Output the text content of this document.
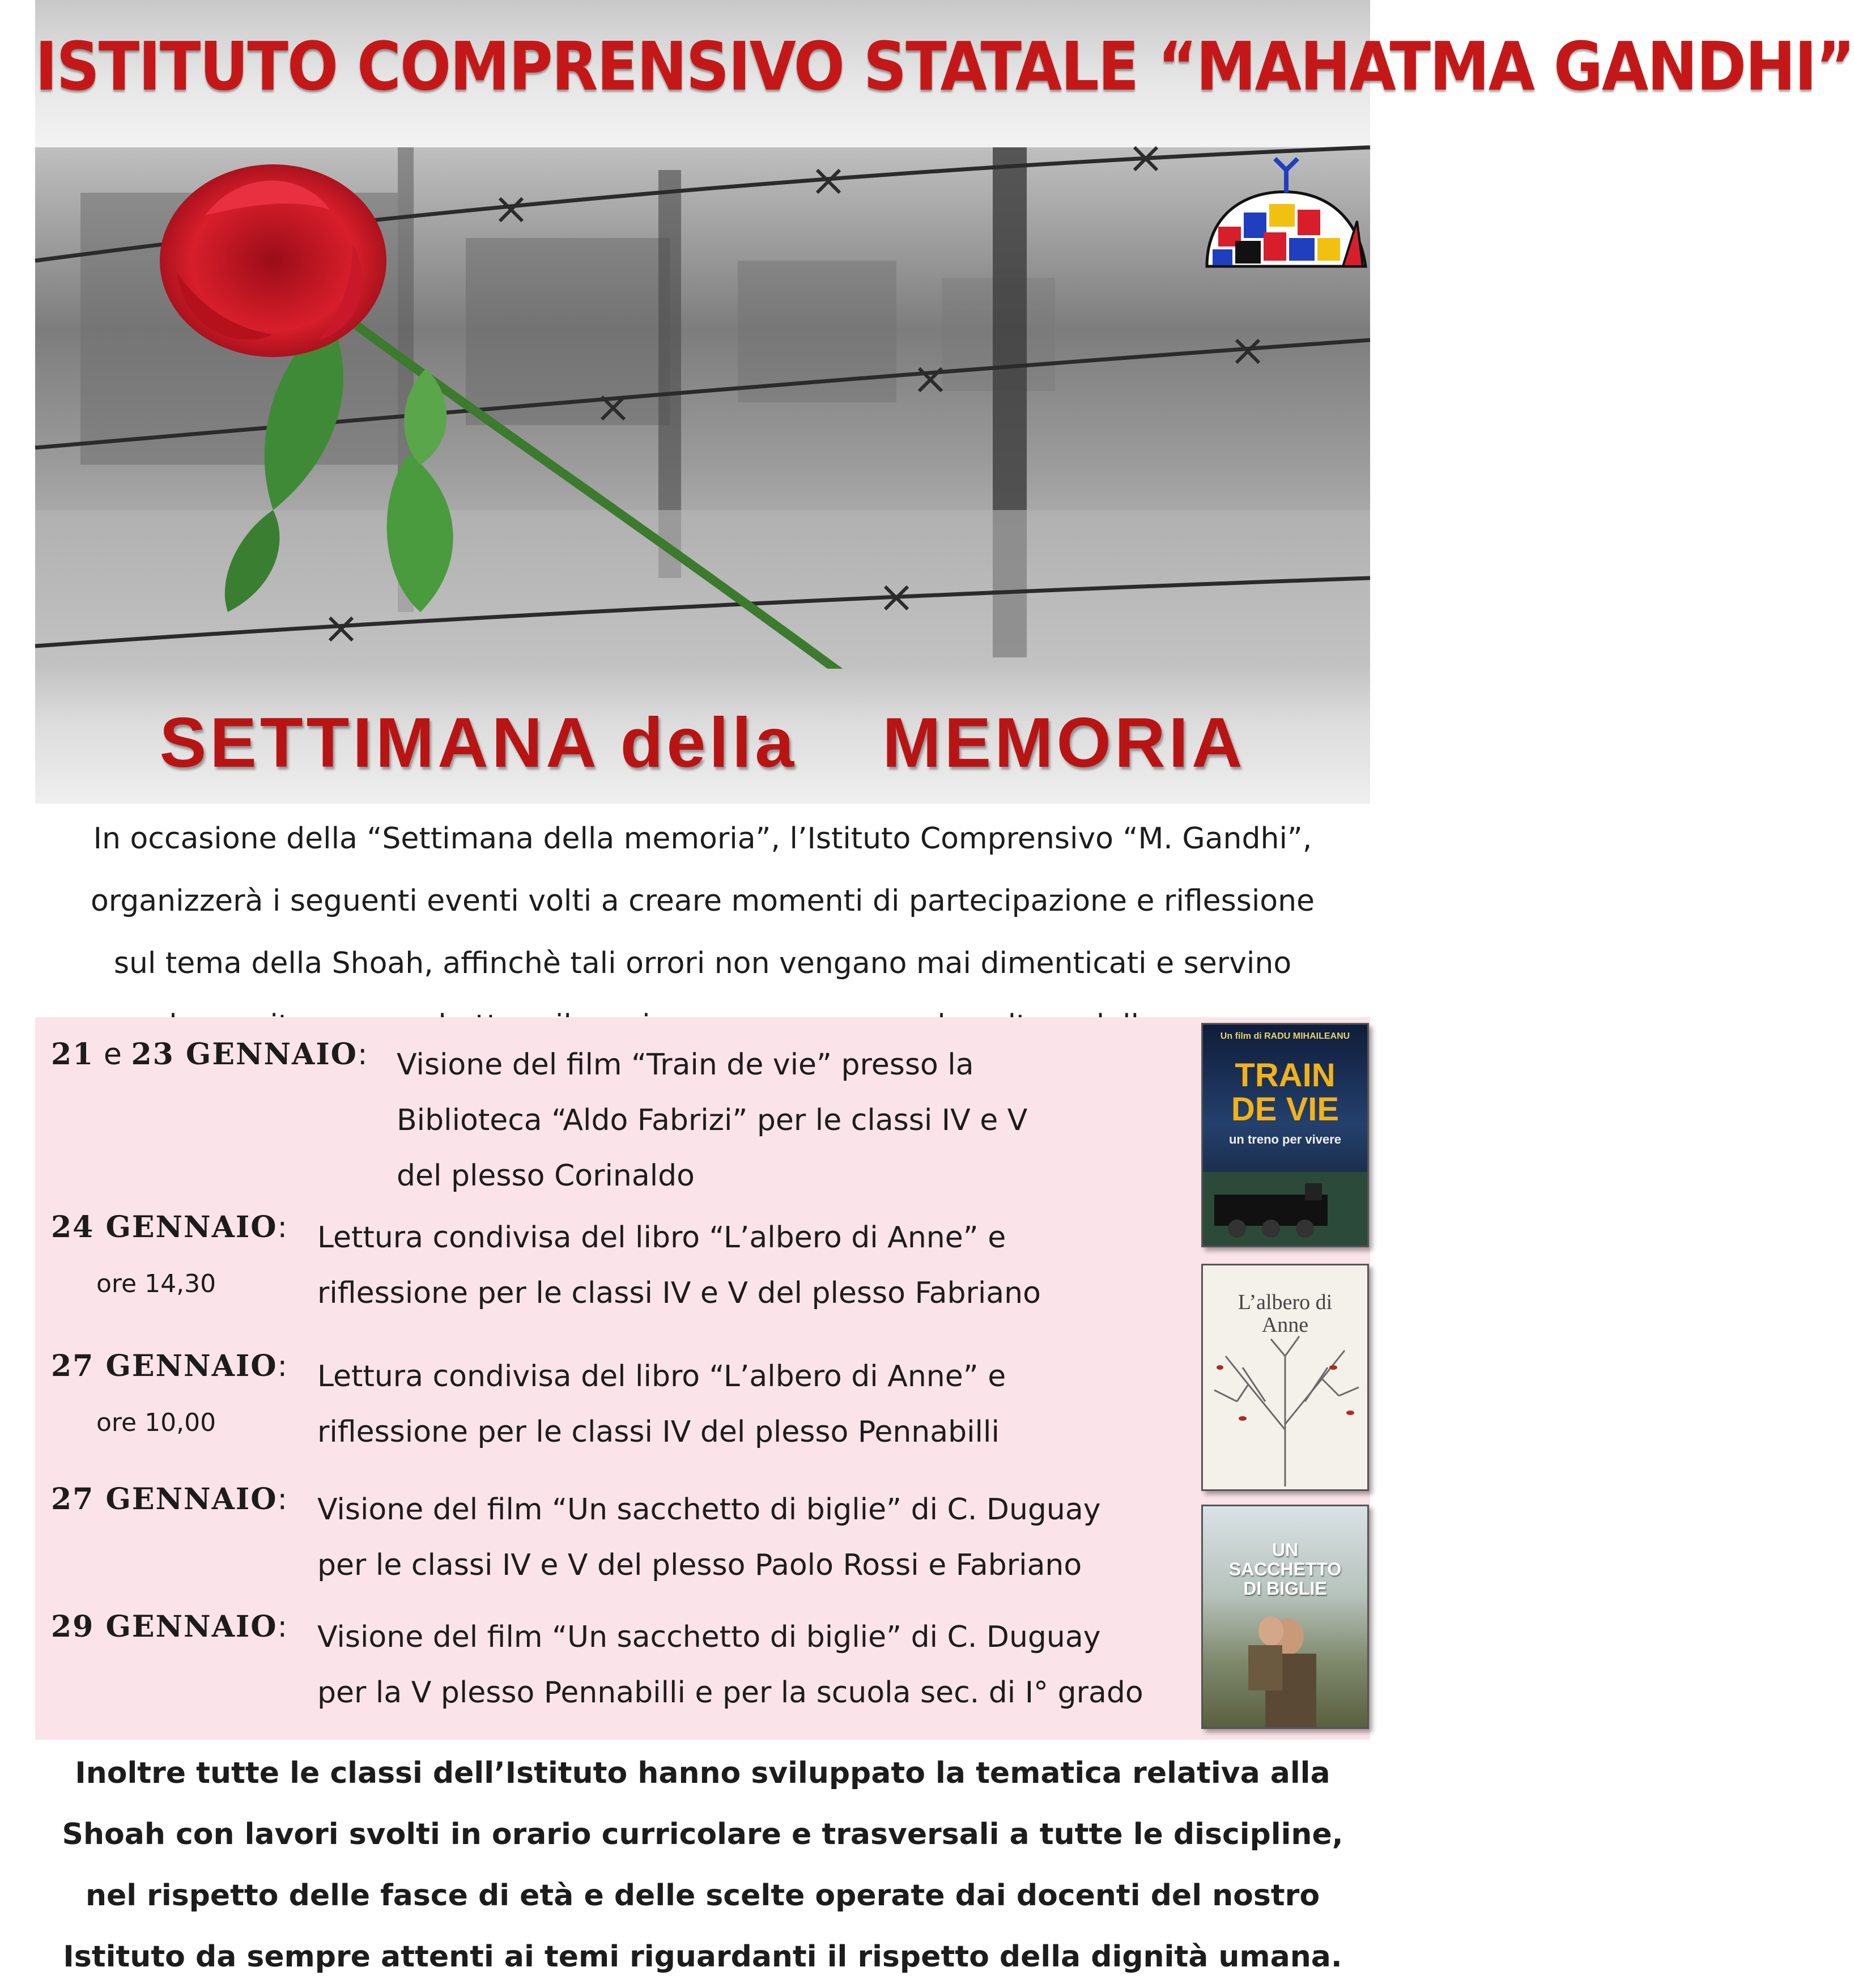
ISTITUTO COMPRENSIVO STATALE “MAHATMA GANDHI”
SETTIMANA della MEMORIA

In occasione della “Settimana della memoria”, l’Istituto Comprensivo “M. Gandhi”,

organizzerà i seguenti eventi volti a creare momenti di partecipazione e riflessione

sul tema della Shoah, affinchè tali orrori non vengano mai dimenticati e servino

21 e 23 GENNAIO: Visione del film “Train de vie” presso la
Biblioteca “Aldo Fabrizi” per le classi IV e V
del plesso Corinaldo
24 GENNAIO:
ore 14,30
Lettura condivisa del libro “L’albero di Anne” e
riflessione per le classi IV e V del plesso Fabriano
27 GENNAIO:
ore 10,00
Lettura condivisa del libro “L’albero di Anne” e
riflessione per le classi IV del plesso Pennabilli
27 GENNAIO: Visione del film “Un sacchetto di biglie” di C. Duguay
per le classi IV e V del plesso Paolo Rossi e Fabriano
29 GENNAIO: Visione del film “Un sacchetto di biglie” di C. Duguay
per la V plesso Pennabilli e per la scuola sec. di I° grado
Un film di RADU MIHAILEANU
TRAIN DE VIE
un treno per vivere
L’albero di Anne
UN SACCHETTO DI BIGLIE

Inoltre tutte le classi dell’Istituto hanno sviluppato la tematica relativa alla

Shoah con lavori svolti in orario curricolare e trasversali a tutte le discipline,

nel rispetto delle fasce di età e delle scelte operate dai docenti del nostro

Istituto da sempre attenti ai temi riguardanti il rispetto della dignità umana.
